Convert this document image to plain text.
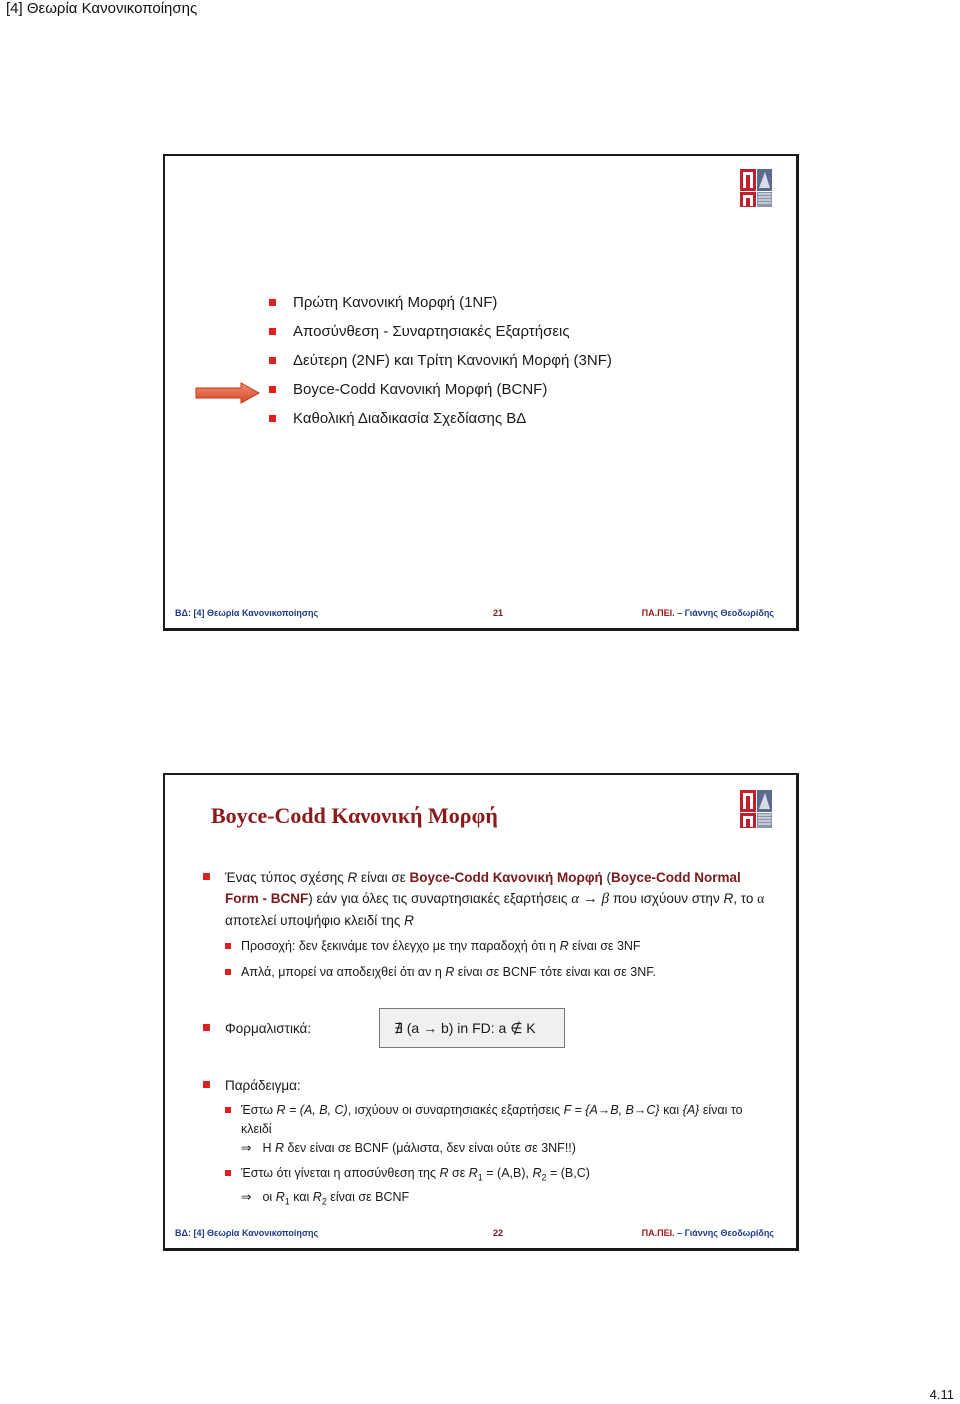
[4] Θεωρία Κανονικοποίησης
Πρώτη Κανονική Μορφή (1NF)
Αποσύνθεση - Συναρτησιακές Εξαρτήσεις
Δεύτερη (2NF) και Τρίτη Κανονική Μορφή (3NF)
Boyce-Codd Κανονική Μορφή (BCNF)
Καθολική Διαδικασία Σχεδίασης ΒΔ
ΒΔ: [4] Θεωρία Κανονικοποίησης	21	ΠΑ.ΠΕΙ. – Γιάννης Θεοδωρίδης
Boyce-Codd Κανονική Μορφή
Ένας τύπος σχέσης R είναι σε Boyce-Codd Κανονική Μορφή (Boyce-Codd Normal Form - BCNF) εάν για όλες τις συναρτησιακές εξαρτήσεις α → β που ισχύουν στην R, το α αποτελεί υποψήφιο κλειδί της R
Προσοχή: δεν ξεκινάμε τον έλεγχο με την παραδοχή ότι η R είναι σε 3NF
Απλά, μπορεί να αποδειχθεί ότι αν η R είναι σε BCNF τότε είναι και σε 3NF.
Φορμαλιστικά:	∄ (a → b) in FD: a ∉ K
Παράδειγμα:
Έστω R = (A, B, C), ισχύουν οι συναρτησιακές εξαρτήσεις F = {A→B, B→C} και {A} είναι το κλειδί
⇒ Η R δεν είναι σε BCNF (μάλιστα, δεν είναι ούτε σε 3NF!!)
Έστω ότι γίνεται η αποσύνθεση της R σε $R_1 = (A,B)$, $R_2 = (B,C)$
⇒ οι $R_1$ και $R_2$ είναι σε BCNF
ΒΔ: [4] Θεωρία Κανονικοποίησης	22	ΠΑ.ΠΕΙ. – Γιάννης Θεοδωρίδης
4.11
